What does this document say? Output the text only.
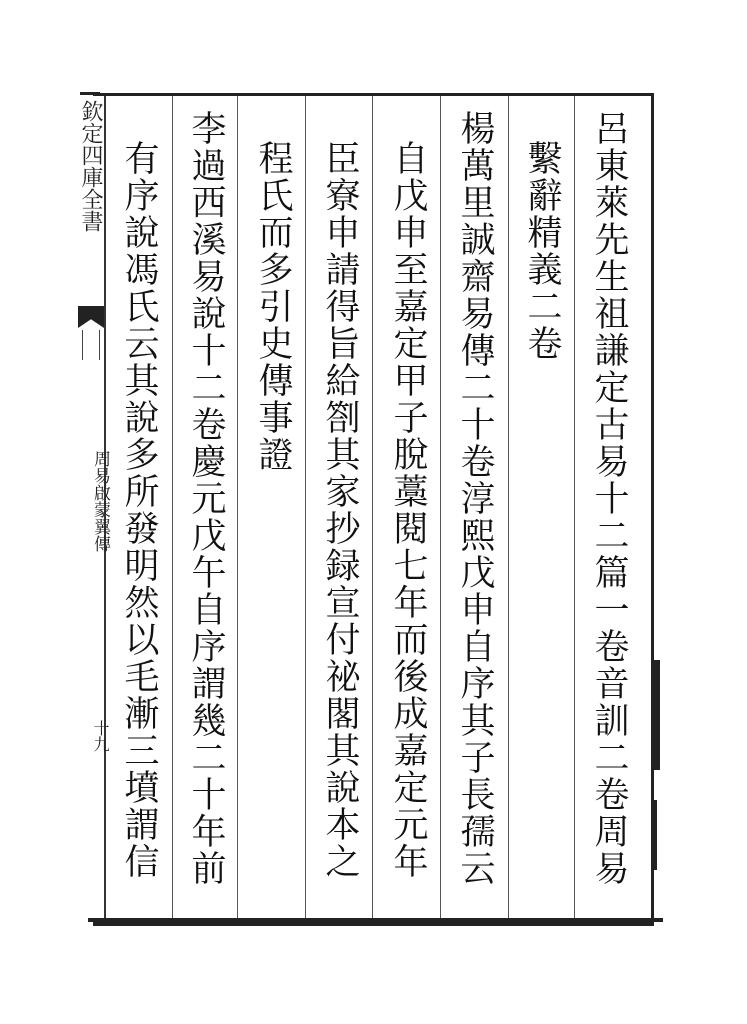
欽定四庫全書
周易啟蒙翼傳
十九	呂東萊先生祖謙定古易十二篇一卷音訓二卷周易
繫辭精義二卷
楊萬里誠齋易傳二十卷淳熙戊申自序其子長孺云
自戊申至嘉定甲子脫藁閱七年而後成嘉定元年
臣寮申請得旨給劄其家抄録宣付祕閣其說本之
程氏而多引史傳事證
李過西溪易說十二卷慶元戊午自序謂幾二十年前
有序說馮氏云其說多所發明然以毛漸三墳謂信
